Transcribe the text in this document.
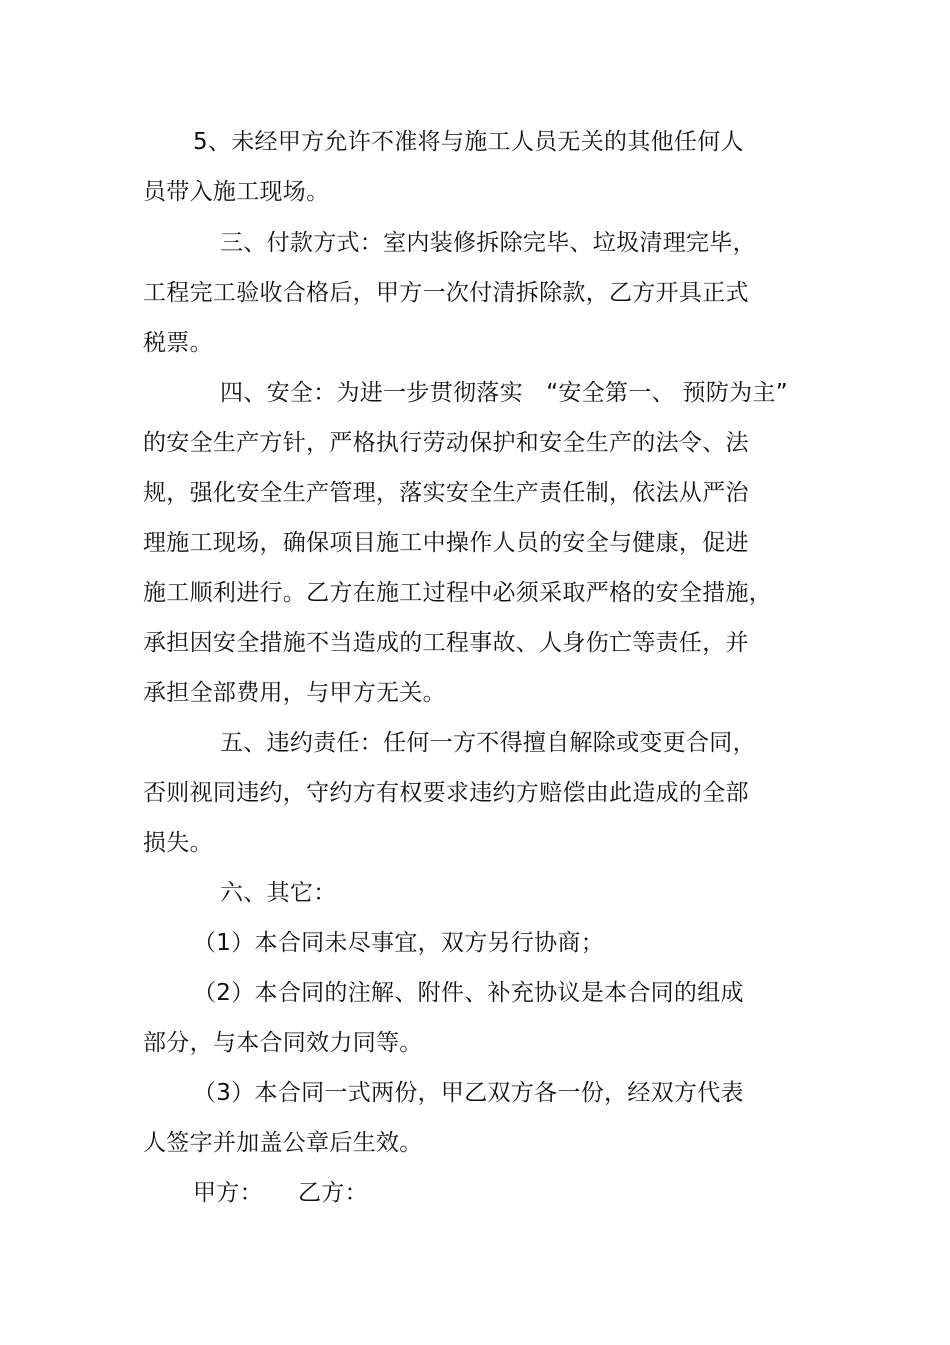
5、未经甲方允许不准将与施工人员无关的其他任何人
员带入施工现场。
三、付款方式：室内装修拆除完毕、垃圾清理完毕，
工程完工验收合格后，甲方一次付清拆除款，乙方开具正式
税票。
四、安全：为进一步贯彻落实　“安全第一、 预防为主”
的安全生产方针，严格执行劳动保护和安全生产的法令、法
规，强化安全生产管理，落实安全生产责任制，依法从严治
理施工现场，确保项目施工中操作人员的安全与健康，促进
施工顺利进行。乙方在施工过程中必须采取严格的安全措施，
承担因安全措施不当造成的工程事故、人身伤亡等责任，并
承担全部费用，与甲方无关。
五、违约责任：任何一方不得擅自解除或变更合同，
否则视同违约，守约方有权要求违约方赔偿由此造成的全部
损失。
六、其它：
（1）本合同未尽事宜，双方另行协商；
（2）本合同的注解、附件、补充协议是本合同的组成
部分，与本合同效力同等。
（3）本合同一式两份，甲乙双方各一份，经双方代表
人签字并加盖公章后生效。
甲方： 乙方：
